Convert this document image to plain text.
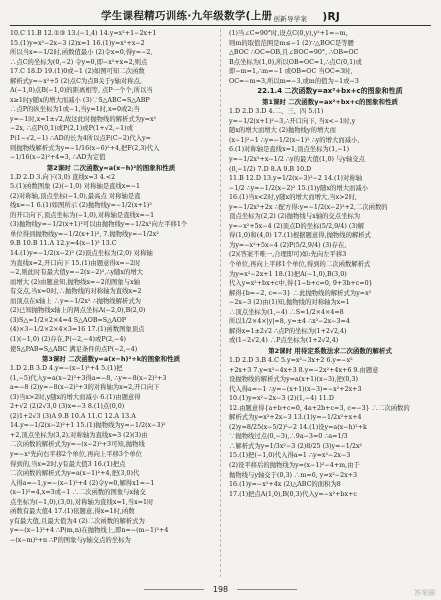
学生课程精巧训练·九年级数学(上册 创新导学案 )RJ
10.C 11.B 12.①③ 13.(−1,4) 14.y=x²+1−2x+1
15.(1)y=x²−2x−3 (2)x=1 16.(1)y=x²+x−2
所以当x=−1/2时,函数值最小 (2)令x=0,得y=−2,
∴点C的坐标为(0,−2) 令y=0,即−x²+x=2,则点
17.C 18.D 19.(1)0或−1 (2)如图可知二次函数
解析式y=−x²+5 (2)点C为点B关于y轴对称点,
A(−1,0)点B(−1,0)的距离相等, 点P一个个,所以当
x≥1时y随x的增大而减小 (3)∵S△ABC=S△ABP
∴点P的纵坐标为1或−1,当y=1时,x=0或2;当
y=−1时,x=1±√2,故这此时抛物线的解析式为y=x²
−2x, ∴点P(0,1)或P(2,1)或P(1+√2,−1)或
P(1−√2,−1) ∴AD的长为4所以点F(C−2)代入y=
则抛物线解析式为y=−1/16(x−6)²+4,把F(2,3)代入
−1/16(x−2)²+4=3, ∴AD为定值
第2课时 二次函数y=a(x−h)²的图象和性质
1.D 2.D 3.向下(3,0) 直线x=3 4.<2
5.(1)函数图象 (2)(−1,0) 对称轴是直线x=−1
(2)对称轴,顶点坐标(−1,0),最高点 对称轴是直
线x=−1 6.(1)如图所示 (2)抛物线y=−1/2(x+1)²
的开口向下,顶点坐标为(−1,0),对称轴是直线x=−1
(3)抛物线y=−1/2(x+1)²可以由抛物线y=−1/2x²向左平移1个
单位得到抛物线y=−1/2(x+1)², 7.抛物线y=−1/2x²
9.B 10.B 11.A 12.y=4(x−1)² 13.C
14.(1)y=−1/2(x−2)² (2)顶点坐标为(2,0) 对称轴
为直线x=2,开口向下 15.(1)由题意得x=−2时
−2,则此时有最大值y=−2(x−2)²,∴y随x的增大
而增大 (2)由题意知,抛物线x=−2的图象与x轴
有交点,当x=0时,∴抛物线的对称轴为直线x=2
而顶点在x轴上 ∴y=−1/2x² ∴抛物线解析式为
(2)已知抛物线x轴上的两点坐标A(−2,0),B(2,0)
(3)S△=1/2×2×4=4 S△AOB=S△AOP
(4)×3−1/2×2×4×3=16 17.(1)函数图象顶点
(1)(−1,0) (2)存在,P(−2,−4)或P(2,−4)
使S△PAB=S△ABC 满足条件的点P(−2,−4)
第3课时 二次函数y=a(x−h)²+k的图象和性质
1.D 2.B 3.D 4.y=−(x−1)²+4 5.(1)把
(1,−5)代入y=a(x−2)²+3得a=−8, ∴y=−8(x−2)²+3
a=−8 (2)y=−8(x−2)²+3的对称轴为x=2,开口向下
(3)当x>2时,y随x的增大而减小 6.(1)由题意得
2+√2 (2)2√3,0 (3)x=−3 8.(1)点(0,0)
(2)1+2√3 (3)A 9.B 10.A 11.C 12.A 13.A
14.y=−1/2(x−2)²+1 15.(1)抛物线为y=−1/2(x−3)²
+2,顶点坐标为(3,2),对称轴为直线x=3 (2)(3)由
二次函数的解析式为y=−(x−2)²+3可知,抛物线
y=−x²先向右平移2个单位,再向上平移3个单位
得到的,当x=2时,y有最大值3 16.(1)把点
二次函数的解析式为y=a(x−1)²+4,把(3,0)代
入得a=−1,y=−(x−1)²+4 (2)令y=0,解得x1=−1
(x−1)²=4,x=3或−1 ∴二次函数的图象与x轴交
点坐标为(−1,0),(3,0),对称轴为直线x=1,当x=1时
函数有最大值4 17.(1)依题意,得x=1时,函数
y有最大值,且最大值为4 (2)二次函数的解析式为
y=−(x−1)²+4 ∴P(m,n)在抛物线上,即n=−(m−1)²+4
−(x−m)²+n ∴P的图象与y轴交点的坐标为
(1)当∠C=90°时,设点C(0,y),y²+1=−m,
则m的取值范围是m≤−1 (2)∵△BOC是等腰
△BOC ∴OC=OB,且∠BOC=90°, ∴OB=OC
B点坐标为(1,0),所以OB=OC=1,∴点C(0,1)或
即−m=1,∴m=−1 或OB=OC 当OC=3时,
OC=−m=3,所以m=−3,或m的值为−1或−3
22.1.4 二次函数y=ax²+bx+c的图象和性质
第1课时 二次函数y=ax²+bx+c的图象和性质
1.D 2.D 3.D 4.二、三、四 5.(1)
y=−1/2(x+1)²−3,∴开口向下, 当x<−1时,y
随x的增大而增大 (2)抛物线y的增大而
(x−1)²−1 ∴y=−1/2(x−1)² ∴y的增大而减小,
6.(1)对称轴是直线x=1,顶点坐标为(1,−1)
y=−1/2x²+x−1/2 ∴y的最大值(1,0) 与y轴交点
(0,−1/2) 7.D 8.A 9.B 10.D
11.B 12.D 13.y=1/2(x−3)²−2 14.(1)对称轴
−1/2 ∴y=−1/2(x−2)² 15.(1)y随x的增大而减小
16.(1)当x<2时,y随x的增大而增大,当x>2时,
y=−1/2x²+2x ∴配方得:y=−1/2(x−2)²+2,二次函数的
顶点坐标为(2,2) (2)抛物线与x轴的交点坐标为
y=−x²+5x−4 (2)顶点D的坐标(5/2,9/4) (3)解
得(1,0)和(4,0) 17.(1)根据题意得,抛物线的解析式
为y=−x²+5x−4 (2)P(5/2,9/4) (3)存在,
(2)(答案不唯一,合理即可)如:先向左平移3
个单位,再向上平移1个单位,得到的二次函数解析式
为y=x²−2x+1 18.(1)把A(−1,0),B(3,0)
代入y=x²+bx+c中,得{1−b+c=0, 9+3b+c=0}
解得{b=−2, c=−3} ∴此抛物线的解析式为y=x²
−2x−3 (2)由(1)知,抛物线的对称轴为x=1
∴顶点坐标为(1,−4) ∴S=1/2×4×4=8
所以1/2×4×|y|=8, y=±4 ∴x²−2x−3=4
解得x=1±2√2 ∴点P的坐标为(1+2√2,4)
或(1−2√2,4) ∴P点坐标为(1+2√2,4)
第2课时 用待定系数法求二次函数的解析式
1.D 2.D 3.B 4.C 5.y=x²−3x+2 6.y=−x²
+2x+3 7.y=x²−4x+3 8.y=−2x²+4x+6 9.由题意
设抛物线的解析式为y=a(x+1)(x−3),把(0,3)
代入得a=−1 ∴y=−(x+1)(x−3)=−x²+2x+3
10.(1)y=x²−2x−3 (2)(1,−4) 11.D
12.由题意得{a+b+c=0, 4a+2b+c=3, c=−3} ∴二次函数的
解析式为y=x²+2x−3 13.(1)y=−1/2x²+x+4
(2)y=8/25(x−5/2)²−2 14.(1)设y=a(x−h)²+k
∵抛物线过点(0,−3),∴9a−3=0 ∴a=1/3
∴解析式为y=1/3x²−3 (2)8/25 (3)y=−1/2x²
15.(1)把(−1,0)代入得a=1 ∴y=x²−2x−3
(2)设平移后的抛物线为y=(x−1)²−4+m,由于
抛物线与y轴交于(0,3) ∴m=6, y=x²−2x+3
16.(1)y=−x²+4x (2)△ABC的面积为8
17.(1)把点A(1,0),B(0,3)代入y=−x²+bx+c
198	答案圈
